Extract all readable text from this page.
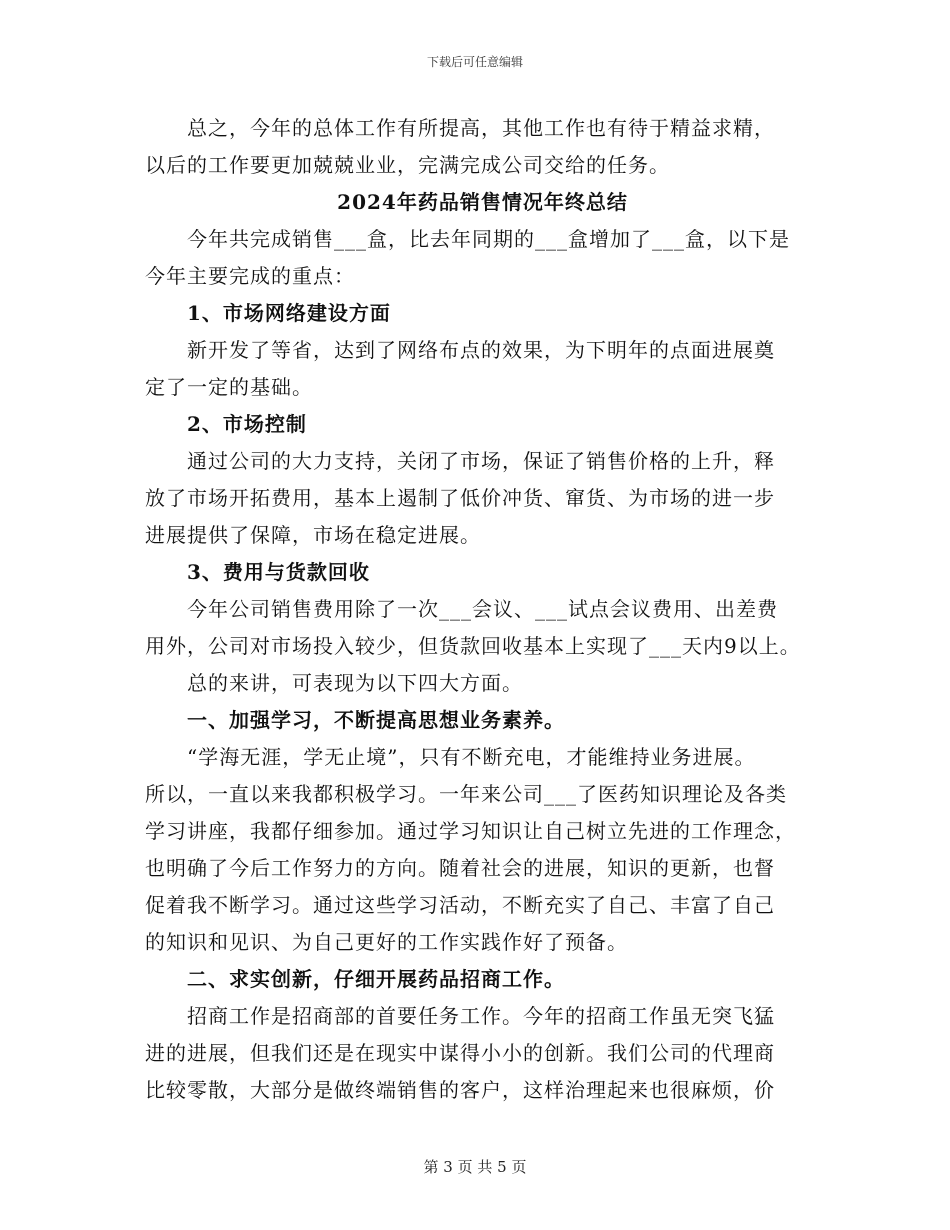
下载后可任意编辑
总之，今年的总体工作有所提高，其他工作也有待于精益求精，
以后的工作要更加兢兢业业，完满完成公司交给的任务。
2024年药品销售情况年终总结
今年共完成销售___盒，比去年同期的___盒增加了___盒，以下是
今年主要完成的重点：
1、市场网络建设方面
新开发了等省，达到了网络布点的效果，为下明年的点面进展奠
定了一定的基础。
2、市场控制
通过公司的大力支持，关闭了市场，保证了销售价格的上升，释
放了市场开拓费用，基本上遏制了低价冲货、窜货、为市场的进一步
进展提供了保障，市场在稳定进展。
3、费用与货款回收
今年公司销售费用除了一次___会议、___试点会议费用、出差费
用外，公司对市场投入较少，但货款回收基本上实现了___天内9以上。
总的来讲，可表现为以下四大方面。
一、加强学习，不断提高思想业务素养。
“学海无涯，学无止境”，只有不断充电，才能维持业务进展。
所以，一直以来我都积极学习。一年来公司___了医药知识理论及各类
学习讲座，我都仔细参加。通过学习知识让自己树立先进的工作理念，
也明确了今后工作努力的方向。随着社会的进展，知识的更新，也督
促着我不断学习。通过这些学习活动，不断充实了自己、丰富了自己
的知识和见识、为自己更好的工作实践作好了预备。
二、求实创新，仔细开展药品招商工作。
招商工作是招商部的首要任务工作。今年的招商工作虽无突飞猛
进的进展，但我们还是在现实中谋得小小的创新。我们公司的代理商
比较零散，大部分是做终端销售的客户，这样治理起来也很麻烦，价
第 3 页 共 5 页
